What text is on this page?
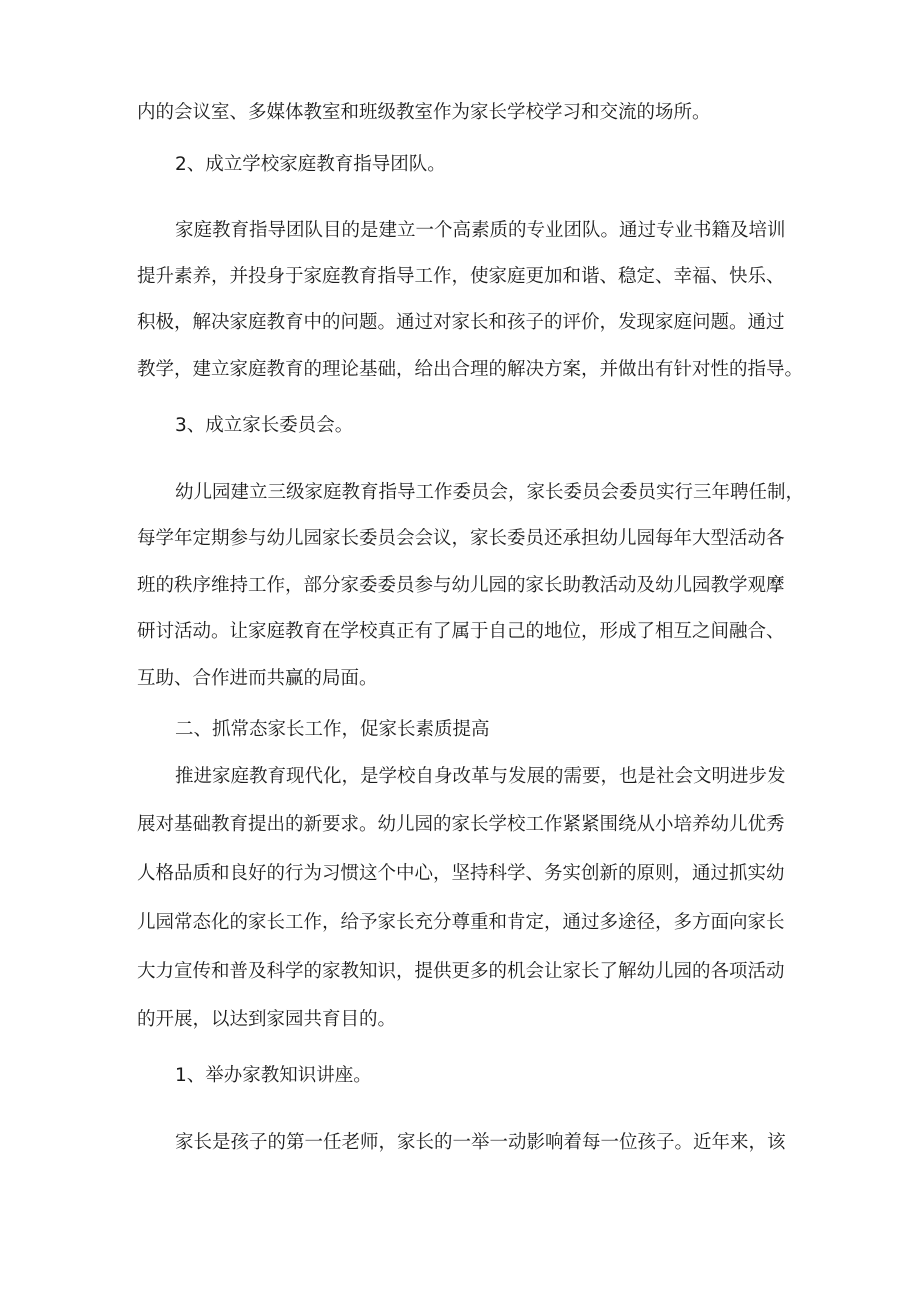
内的会议室、多媒体教室和班级教室作为家长学校学习和交流的场所。
2、成立学校家庭教育指导团队。
家庭教育指导团队目的是建立一个高素质的专业团队。通过专业书籍及培训
提升素养，并投身于家庭教育指导工作，使家庭更加和谐、稳定、幸福、快乐、
积极，解决家庭教育中的问题。通过对家长和孩子的评价，发现家庭问题。通过
教学，建立家庭教育的理论基础，给出合理的解决方案，并做出有针对性的指导。
3、成立家长委员会。
幼儿园建立三级家庭教育指导工作委员会，家长委员会委员实行三年聘任制，
每学年定期参与幼儿园家长委员会会议，家长委员还承担幼儿园每年大型活动各
班的秩序维持工作，部分家委委员参与幼儿园的家长助教活动及幼儿园教学观摩
研讨活动。让家庭教育在学校真正有了属于自己的地位，形成了相互之间融合、
互助、合作进而共赢的局面。
二、抓常态家长工作，促家长素质提高
推进家庭教育现代化，是学校自身改革与发展的需要，也是社会文明进步发
展对基础教育提出的新要求。幼儿园的家长学校工作紧紧围绕从小培养幼儿优秀
人格品质和良好的行为习惯这个中心，坚持科学、务实创新的原则，通过抓实幼
儿园常态化的家长工作，给予家长充分尊重和肯定，通过多途径，多方面向家长
大力宣传和普及科学的家教知识，提供更多的机会让家长了解幼儿园的各项活动
的开展，以达到家园共育目的。
1、举办家教知识讲座。
家长是孩子的第一任老师，家长的一举一动影响着每一位孩子。近年来，该
